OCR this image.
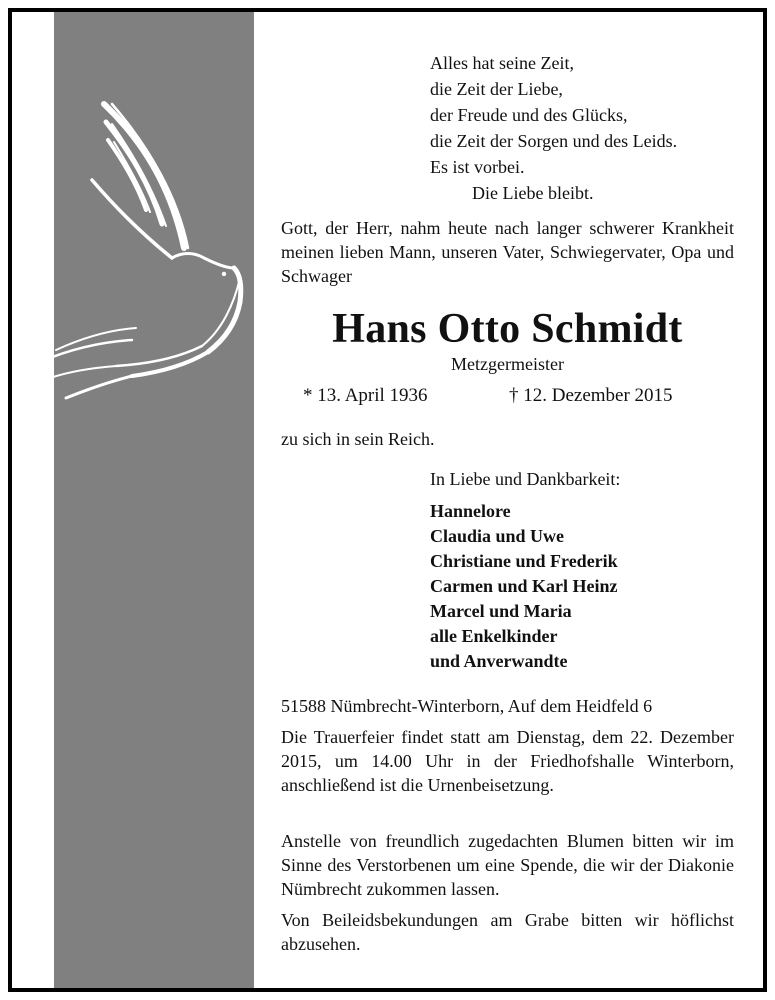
Alles hat seine Zeit,
die Zeit der Liebe,
der Freude und des Glücks,
die Zeit der Sorgen und des Leids.
Es ist vorbei.
Die Liebe bleibt.
Gott, der Herr, nahm heute nach langer schwerer Krankheit meinen lieben Mann, unseren Vater, Schwiegervater, Opa und Schwager
Hans Otto Schmidt
Metzgermeister
* 13. April 1936	† 12. Dezember 2015
zu sich in sein Reich.
In Liebe und Dankbarkeit:
Hannelore
Claudia und Uwe
Christiane und Frederik
Carmen und Karl Heinz
Marcel und Maria
alle Enkelkinder
und Anverwandte
51588 Nümbrecht-Winterborn, Auf dem Heidfeld 6
Die Trauerfeier findet statt am Dienstag, dem 22. Dezember 2015, um 14.00 Uhr in der Friedhofshalle Winterborn, anschließend ist die Urnenbeisetzung.
Anstelle von freundlich zugedachten Blumen bitten wir im Sinne des Verstorbenen um eine Spende, die wir der Diakonie Nümbrecht zukommen lassen.
Von Beileidsbekundungen am Grabe bitten wir höflichst abzusehen.
